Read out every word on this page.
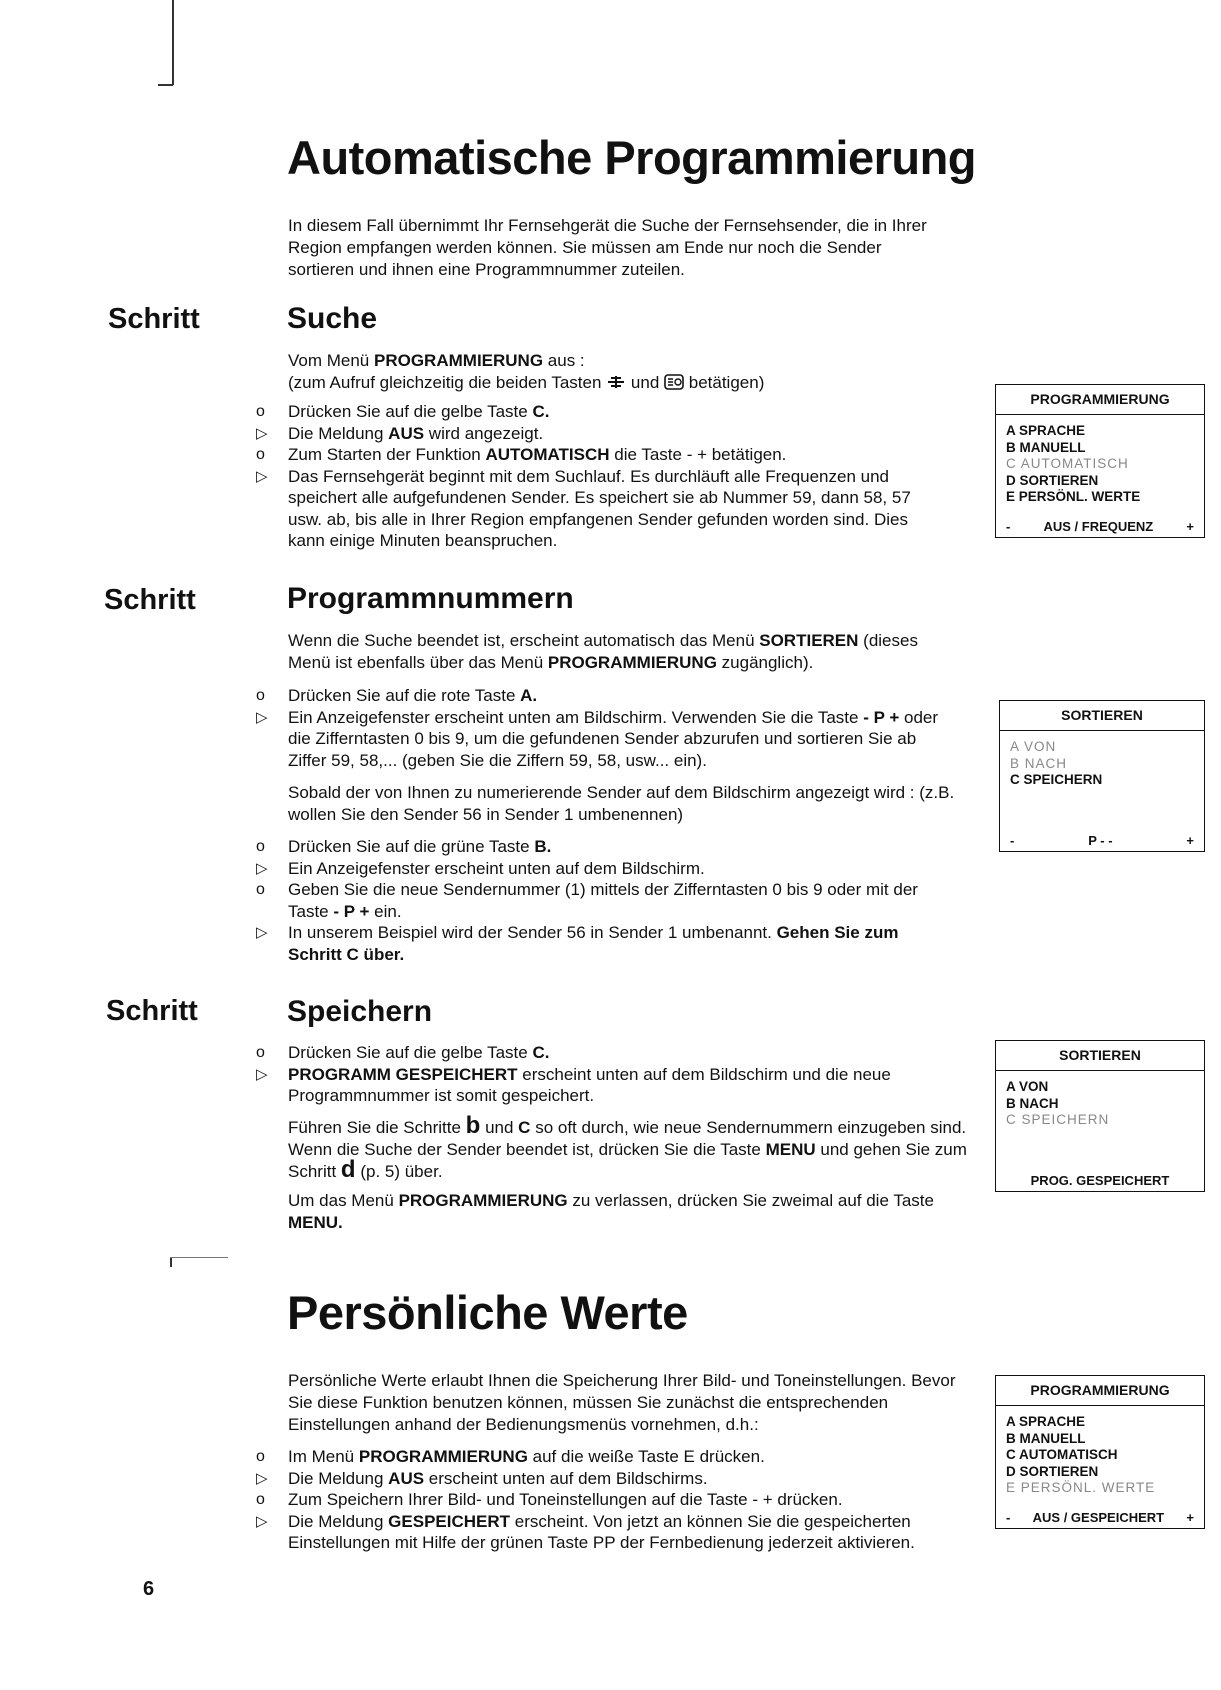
Automatische Programmierung

In diesem Fall übernimmt Ihr Fernsehgerät die Suche der Fernsehsender, die in Ihrer Region empfangen werden können. Sie müssen am Ende nur noch die Sender sortieren und ihnen eine Programmnummer zuteilen.

Schritt	Suche

Vom Menü PROGRAMMIERUNG aus :
(zum Aufruf gleichzeitig die beiden Tasten und betätigen)

o	Drücken Sie auf die gelbe Taste C.
▷	Die Meldung AUS wird angezeigt.
o	Zum Starten der Funktion AUTOMATISCH die Taste - + betätigen.
▷	Das Fernsehgerät beginnt mit dem Suchlauf. Es durchläuft alle Frequenzen und speichert alle aufgefundenen Sender. Es speichert sie ab Nummer 59, dann 58, 57 usw. ab, bis alle in Ihrer Region empfangenen Sender gefunden worden sind. Dies kann einige Minuten beanspruchen.
PROGRAMMIERUNG
A SPRACHE
B MANUELL
C AUTOMATISCH
D SORTIEREN
E PERSÖNL. WERTE
-	AUS / FREQUENZ	+
Schritt	Programmnummern

Wenn die Suche beendet ist, erscheint automatisch das Menü SORTIEREN (dieses Menü ist ebenfalls über das Menü PROGRAMMIERUNG zugänglich).

o	Drücken Sie auf die rote Taste A.
▷	Ein Anzeigefenster erscheint unten am Bildschirm. Verwenden Sie die Taste - P + oder die Zifferntasten 0 bis 9, um die gefundenen Sender abzurufen und sortieren Sie ab Ziffer 59, 58,... (geben Sie die Ziffern 59, 58, usw... ein).

Sobald der von Ihnen zu numerierende Sender auf dem Bildschirm angezeigt wird : (z.B. wollen Sie den Sender 56 in Sender 1 umbenennen)

o	Drücken Sie auf die grüne Taste B.
▷	Ein Anzeigefenster erscheint unten auf dem Bildschirm.
o	Geben Sie die neue Sendernummer (1) mittels der Zifferntasten 0 bis 9 oder mit der Taste - P + ein.
▷	In unserem Beispiel wird der Sender 56 in Sender 1 umbenannt. Gehen Sie zum Schritt C über.
SORTIEREN
A VON
B NACH
C SPEICHERN
-	P - -	+
Schritt	Speichern
o	Drücken Sie auf die gelbe Taste C.
▷	PROGRAMM GESPEICHERT erscheint unten auf dem Bildschirm und die neue Programmnummer ist somit gespeichert.

Führen Sie die Schritte b und C so oft durch, wie neue Sendernummern einzugeben sind. Wenn die Suche der Sender beendet ist, drücken Sie die Taste MENU und gehen Sie zum Schritt d (p. 5) über.

Um das Menü PROGRAMMIERUNG zu verlassen, drücken Sie zweimal auf die Taste MENU.

SORTIEREN
A VON
B NACH
C SPEICHERN
PROG. GESPEICHERT
Persönliche Werte

Persönliche Werte erlaubt Ihnen die Speicherung Ihrer Bild- und Toneinstellungen. Bevor Sie diese Funktion benutzen können, müssen Sie zunächst die entsprechenden Einstellungen anhand der Bedienungsmenüs vornehmen, d.h.:

o	Im Menü PROGRAMMIERUNG auf die weiße Taste E drücken.
▷	Die Meldung AUS erscheint unten auf dem Bildschirms.
o	Zum Speichern Ihrer Bild- und Toneinstellungen auf die Taste - + drücken.
▷	Die Meldung GESPEICHERT erscheint. Von jetzt an können Sie die gespeicherten Einstellungen mit Hilfe der grünen Taste PP der Fernbedienung jederzeit aktivieren.
PROGRAMMIERUNG
A SPRACHE
B MANUELL
C AUTOMATISCH
D SORTIEREN
E PERSÖNL. WERTE
- AUS / GESPEICHERT +
6
